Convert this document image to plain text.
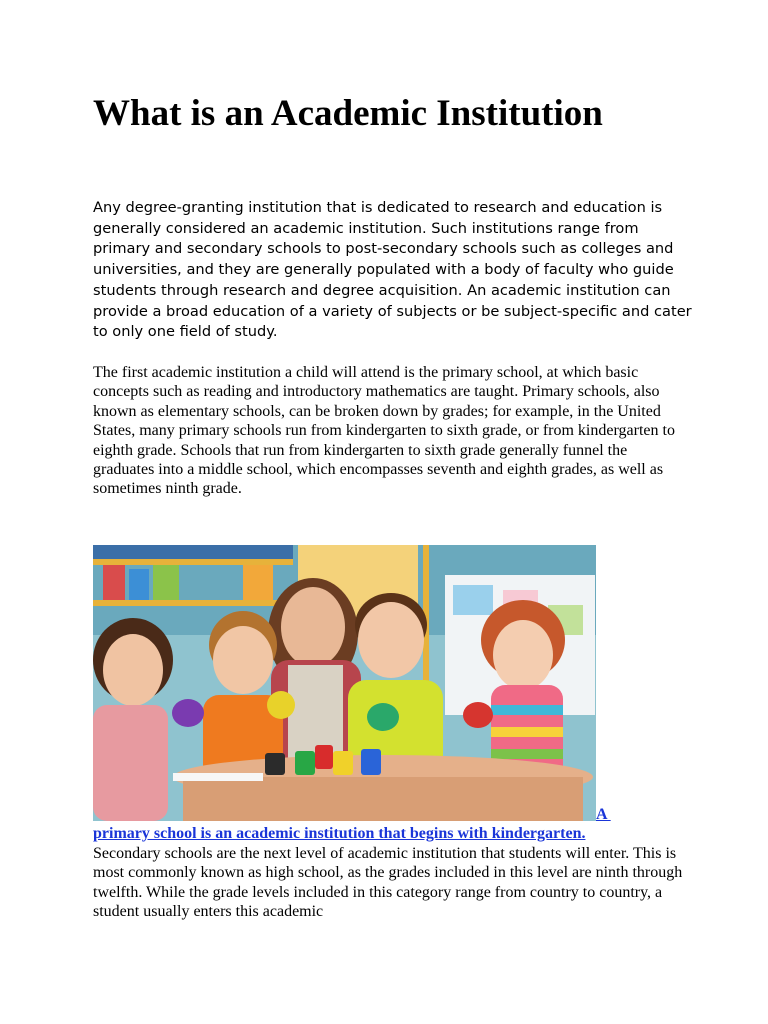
What is an Academic Institution

Any degree-granting institution that is dedicated to research and education is generally considered an academic institution. Such institutions range from primary and secondary schools to post-secondary schools such as colleges and universities, and they are generally populated with a body of faculty who guide students through research and degree acquisition. An academic institution can provide a broad education of a variety of subjects or be subject-specific and cater to only one field of study.

The first academic institution a child will attend is the primary school, at which basic concepts such as reading and introductory mathematics are taught. Primary schools, also known as elementary schools, can be broken down by grades; for example, in the United States, many primary schools run from kindergarten to sixth grade, or from kindergarten to eighth grade. Schools that run from kindergarten to sixth grade generally funnel the graduates into a middle school, which encompasses seventh and eighth grades, as well as sometimes ninth grade.

A
primary school is an academic institution that begins with kindergarten.

Secondary schools are the next level of academic institution that students will enter. This is most commonly known as high school, as the grades included in this level are ninth through twelfth. While the grade levels included in this category range from country to country, a student usually enters this academic
